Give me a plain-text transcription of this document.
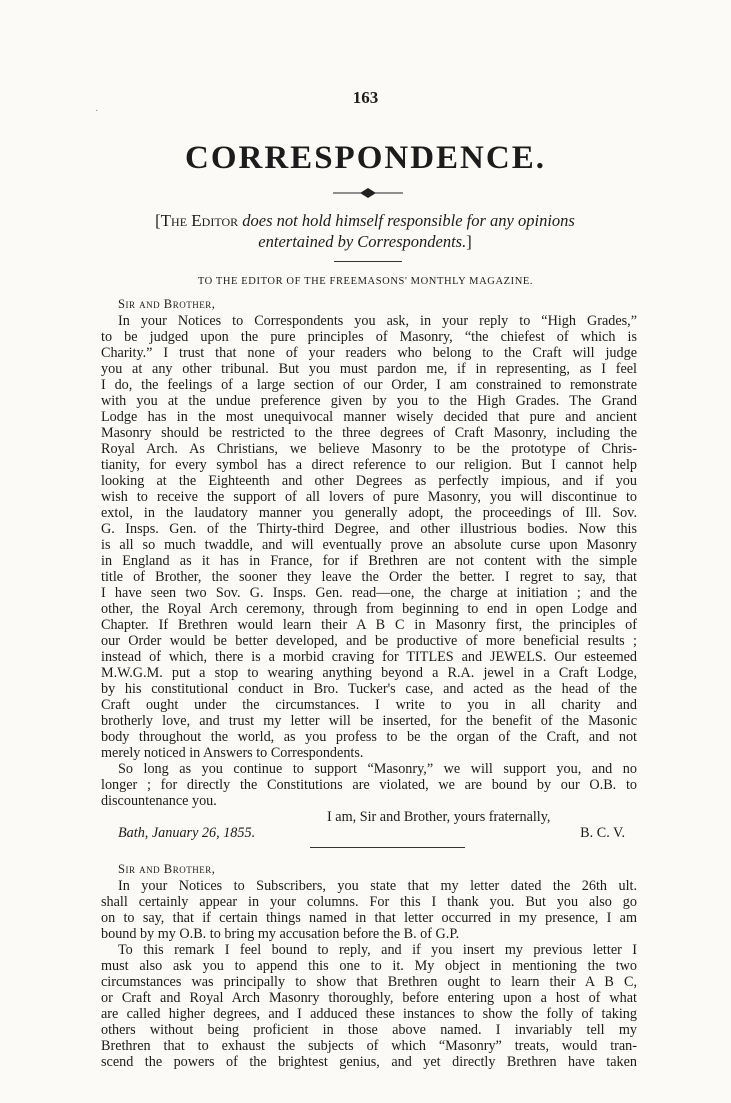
163
·
CORRESPONDENCE.
[The Editor does not hold himself responsible for any opinions
entertained by Correspondents.]
TO THE EDITOR OF THE FREEMASONS' MONTHLY MAGAZINE.
Sir and Brother,
In your Notices to Correspondents you ask, in your reply to “High Grades,”
to be judged upon the pure principles of Masonry, “the chiefest of which is
Charity.” I trust that none of your readers who belong to the Craft will judge
you at any other tribunal. But you must pardon me, if in representing, as I feel
I do, the feelings of a large section of our Order, I am constrained to remonstrate
with you at the undue preference given by you to the High Grades. The Grand
Lodge has in the most unequivocal manner wisely decided that pure and ancient
Masonry should be restricted to the three degrees of Craft Masonry, including the
Royal Arch. As Christians, we believe Masonry to be the prototype of Chris-
tianity, for every symbol has a direct reference to our religion. But I cannot help
looking at the Eighteenth and other Degrees as perfectly impious, and if you
wish to receive the support of all lovers of pure Masonry, you will discontinue to
extol, in the laudatory manner you generally adopt, the proceedings of Ill. Sov.
G. Insps. Gen. of the Thirty-third Degree, and other illustrious bodies. Now this
is all so much twaddle, and will eventually prove an absolute curse upon Masonry
in England as it has in France, for if Brethren are not content with the simple
title of Brother, the sooner they leave the Order the better. I regret to say, that
I have seen two Sov. G. Insps. Gen. read—one, the charge at initiation ; and the
other, the Royal Arch ceremony, through from beginning to end in open Lodge and
Chapter. If Brethren would learn their A B C in Masonry first, the principles of
our Order would be better developed, and be productive of more beneficial results ;
instead of which, there is a morbid craving for TITLES and JEWELS. Our esteemed
M.W.G.M. put a stop to wearing anything beyond a R.A. jewel in a Craft Lodge,
by his constitutional conduct in Bro. Tucker's case, and acted as the head of the
Craft ought under the circumstances. I write to you in all charity and
brotherly love, and trust my letter will be inserted, for the benefit of the Masonic
body throughout the world, as you profess to be the organ of the Craft, and not
merely noticed in Answers to Correspondents.
So long as you continue to support “Masonry,” we will support you, and no
longer ; for directly the Constitutions are violated, we are bound by our O.B. to
discountenance you.
I am, Sir and Brother, yours fraternally,
Bath, January 26, 1855.	B. C. V.
Sir and Brother,
In your Notices to Subscribers, you state that my letter dated the 26th ult.
shall certainly appear in your columns. For this I thank you. But you also go
on to say, that if certain things named in that letter occurred in my presence, I am
bound by my O.B. to bring my accusation before the B. of G.P.
To this remark I feel bound to reply, and if you insert my previous letter I
must also ask you to append this one to it. My object in mentioning the two
circumstances was principally to show that Brethren ought to learn their A B C,
or Craft and Royal Arch Masonry thoroughly, before entering upon a host of what
are called higher degrees, and I adduced these instances to show the folly of taking
others without being proficient in those above named. I invariably tell my
Brethren that to exhaust the subjects of which “Masonry” treats, would tran-
scend the powers of the brightest genius, and yet directly Brethren have taken
